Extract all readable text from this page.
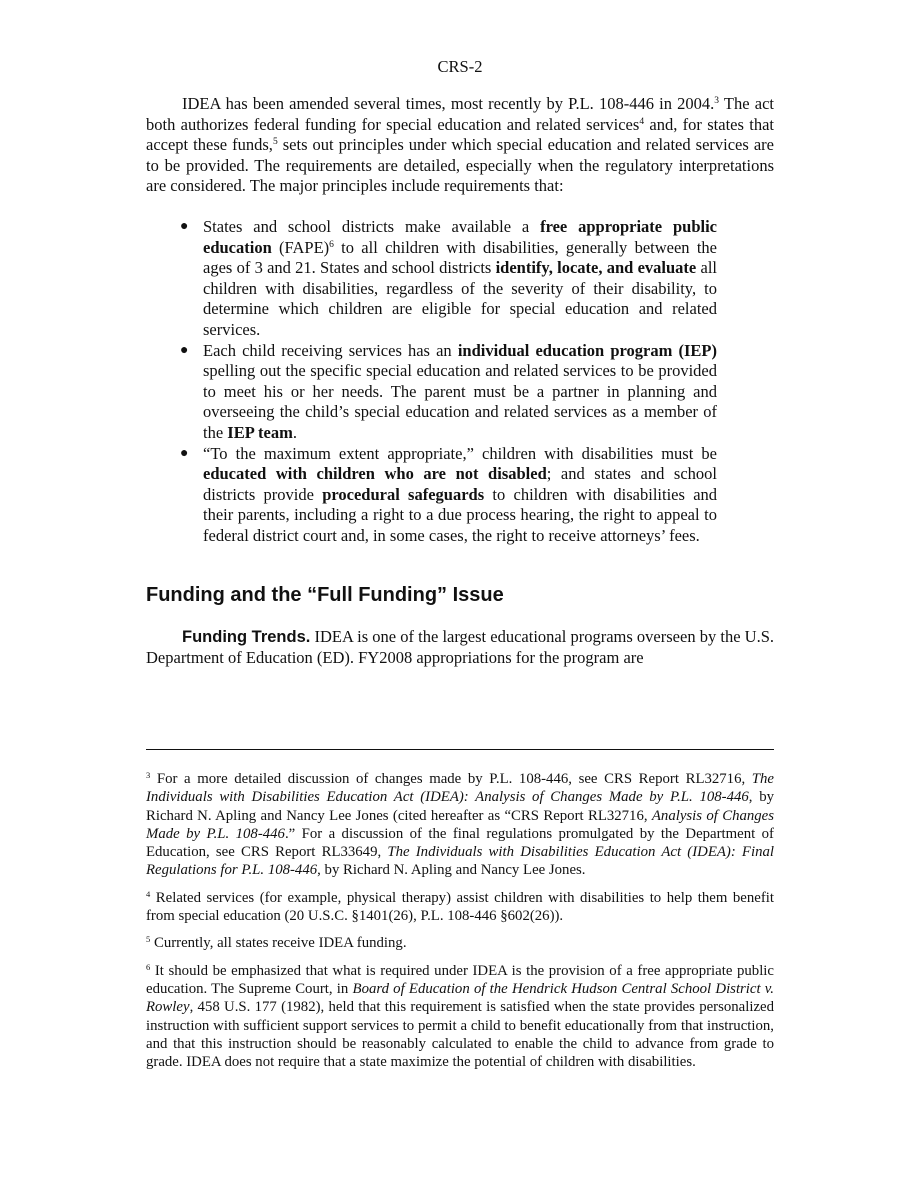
CRS-2

IDEA has been amended several times, most recently by P.L. 108-446 in 2004.$^3$ The act both authorizes federal funding for special education and related services$^4$ and, for states that accept these funds,$^5$ sets out principles under which special education and related services are to be provided. The requirements are detailed, especially when the regulatory interpretations are considered. The major principles include requirements that:

● States and school districts make available a free appropriate public education (FAPE)$^6$ to all children with disabilities, generally between the ages of 3 and 21. States and school districts identify, locate, and evaluate all children with disabilities, regardless of the severity of their disability, to determine which children are eligible for special education and related services.
● Each child receiving services has an individual education program (IEP) spelling out the specific special education and related services to be provided to meet his or her needs. The parent must be a partner in planning and overseeing the child’s special education and related services as a member of the IEP team.
● “To the maximum extent appropriate,” children with disabilities must be educated with children who are not disabled; and states and school districts provide procedural safeguards to children with disabilities and their parents, including a right to a due process hearing, the right to appeal to federal district court and, in some cases, the right to receive attorneys’ fees.
Funding and the “Full Funding” Issue

Funding Trends. IDEA is one of the largest educational programs overseen by the U.S. Department of Education (ED). FY2008 appropriations for the program are

$^3$ For a more detailed discussion of changes made by P.L. 108-446, see CRS Report RL32716, The Individuals with Disabilities Education Act (IDEA): Analysis of Changes Made by P.L. 108-446, by Richard N. Apling and Nancy Lee Jones (cited hereafter as “CRS Report RL32716, Analysis of Changes Made by P.L. 108-446.” For a discussion of the final regulations promulgated by the Department of Education, see CRS Report RL33649, The Individuals with Disabilities Education Act (IDEA): Final Regulations for P.L. 108-446, by Richard N. Apling and Nancy Lee Jones.

$^4$ Related services (for example, physical therapy) assist children with disabilities to help them benefit from special education (20 U.S.C. §1401(26), P.L. 108-446 §602(26)).

$^5$ Currently, all states receive IDEA funding.

$^6$ It should be emphasized that what is required under IDEA is the provision of a free appropriate public education. The Supreme Court, in Board of Education of the Hendrick Hudson Central School District v. Rowley, 458 U.S. 177 (1982), held that this requirement is satisfied when the state provides personalized instruction with sufficient support services to permit a child to benefit educationally from that instruction, and that this instruction should be reasonably calculated to enable the child to advance from grade to grade. IDEA does not require that a state maximize the potential of children with disabilities.
